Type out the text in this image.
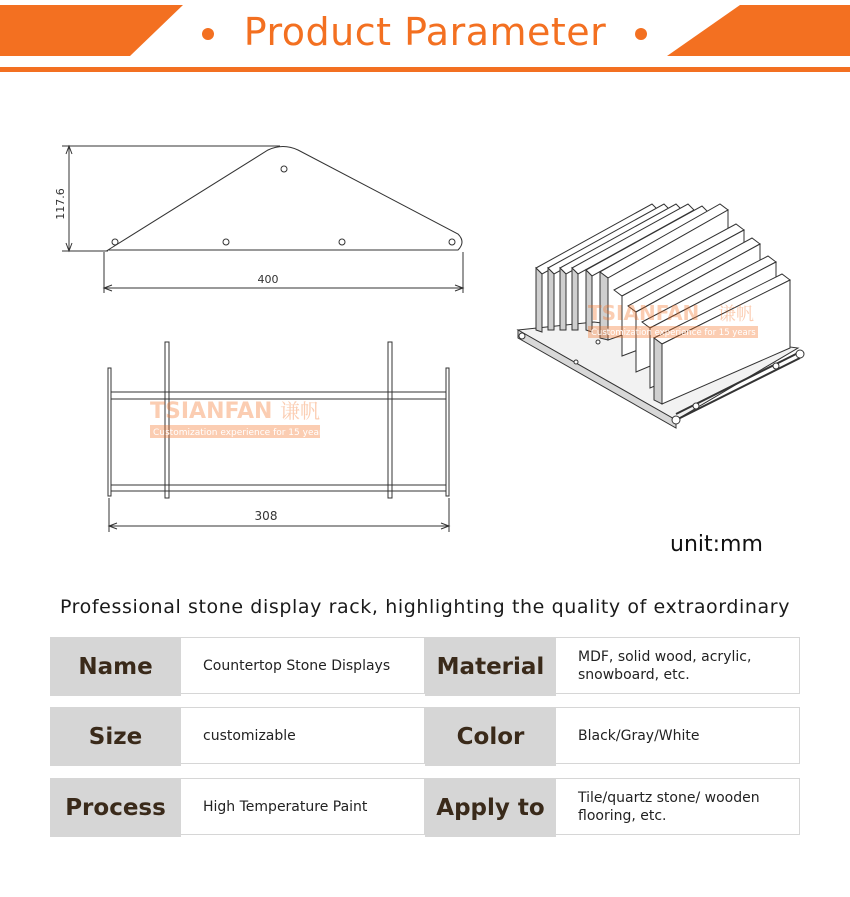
Product Parameter
117.6
400
308
TSIANFAN 谦帆
Customization experience for 15 years
TSIANFAN 谦帆
Customization experience for 15 years
unit:mm
Professional stone display rack, highlighting the quality of extraordinary
Name	Countertop Stone Displays	Material	MDF, solid wood, acrylic, snowboard, etc.
Size	customizable	Color	Black/Gray/White
Process	High Temperature Paint	Apply to	Tile/quartz stone/ wooden flooring, etc.
